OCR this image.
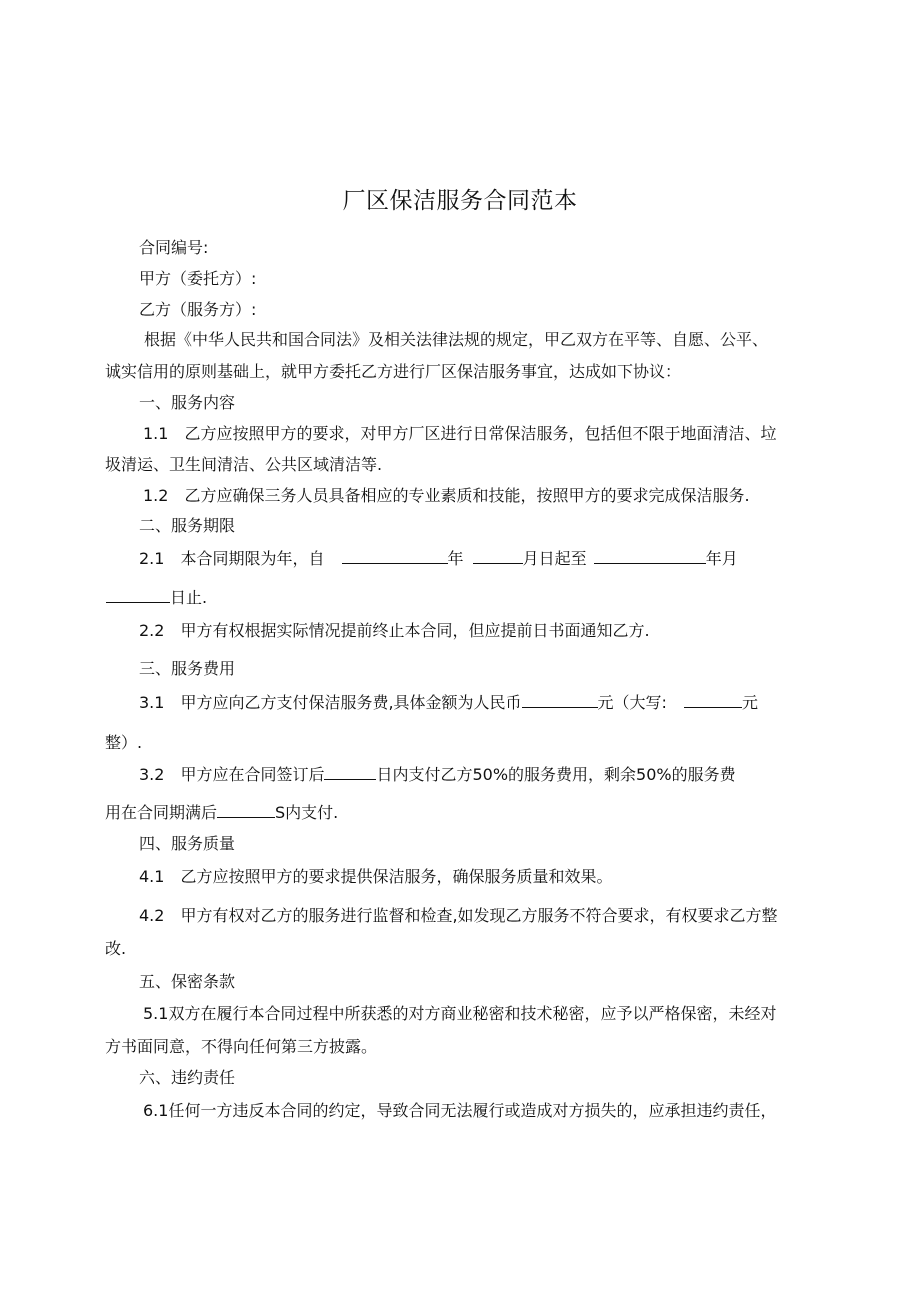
厂区保洁服务合同范本
合同编号:
甲方（委托方）:
乙方（服务方）:
根据《中华人民共和国合同法》及相关法律法规的规定，甲乙双方在平等、自愿、公平、
诚实信用的原则基础上，就甲方委托乙方进行厂区保洁服务事宜，达成如下协议：
一、服务内容
1.1　乙方应按照甲方的要求，对甲方厂区进行日常保洁服务，包括但不限于地面清洁、垃
圾清运、卫生间清洁、公共区域清洁等.
1.2　乙方应确保三务人员具备相应的专业素质和技能，按照甲方的要求完成保洁服务.
二、服务期限
2.1　本合同期限为年，自	年	月日起至	年月
日止.
2.2　甲方有权根据实际情况提前终止本合同，但应提前日书面通知乙方.
三、服务费用
3.1　甲方应向乙方支付保洁服务费,具体金额为人民币	元（大写:	元
整）.
3.2　甲方应在合同签订后	日内支付乙方50%的服务费用，剩余50%的服务费
用在合同期满后	S内支付.
四、服务质量
4.1　乙方应按照甲方的要求提供保洁服务，确保服务质量和效果。
4.2　甲方有权对乙方的服务进行监督和检查,如发现乙方服务不符合要求，有权要求乙方整
改.
五、保密条款
5.1双方在履行本合同过程中所获悉的对方商业秘密和技术秘密，应予以严格保密，未经对
方书面同意，不得向任何第三方披露。
六、违约责任
6.1任何一方违反本合同的约定，导致合同无法履行或造成对方损失的，应承担违约责任，
